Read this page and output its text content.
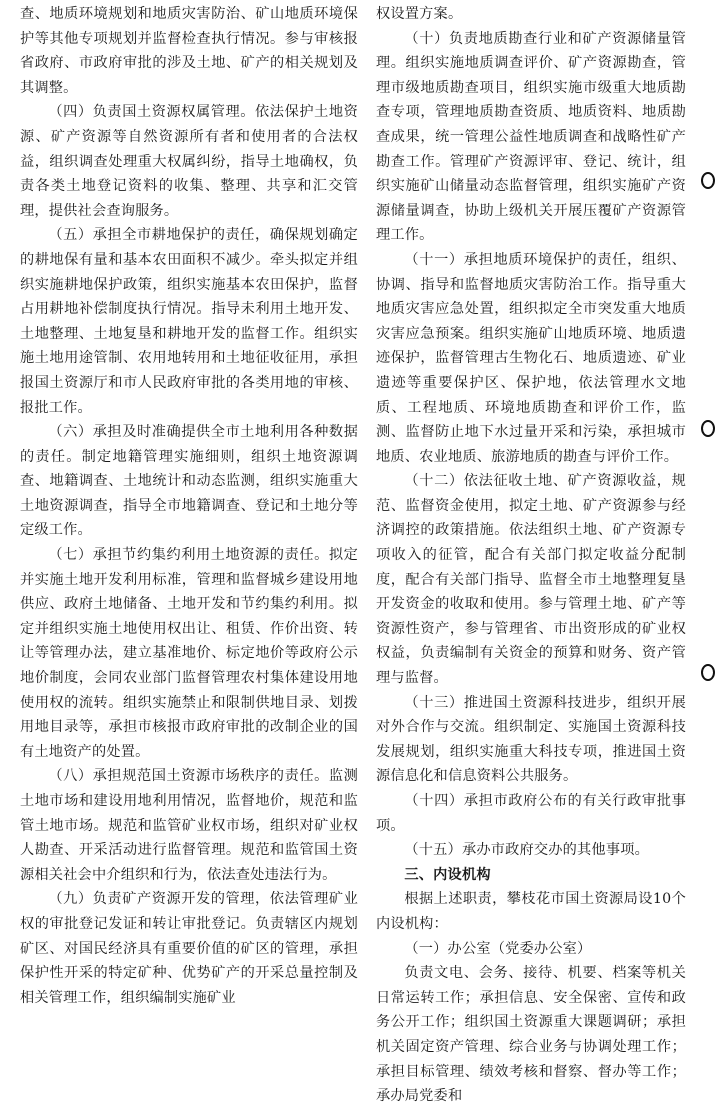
查、地质环境规划和地质灾害防治、矿山地质环境保护等其他专项规划并监督检查执行情况。参与审核报省政府、市政府审批的涉及土地、矿产的相关规划及其调整。

（四）负责国土资源权属管理。依法保护土地资源、矿产资源等自然资源所有者和使用者的合法权益，组织调查处理重大权属纠纷，指导土地确权，负责各类土地登记资料的收集、整理、共享和汇交管理，提供社会查询服务。

（五）承担全市耕地保护的责任，确保规划确定的耕地保有量和基本农田面积不减少。牵头拟定并组织实施耕地保护政策，组织实施基本农田保护，监督占用耕地补偿制度执行情况。指导未利用土地开发、土地整理、土地复垦和耕地开发的监督工作。组织实施土地用途管制、农用地转用和土地征收征用，承担报国土资源厅和市人民政府审批的各类用地的审核、报批工作。

（六）承担及时准确提供全市土地利用各种数据的责任。制定地籍管理实施细则，组织土地资源调查、地籍调查、土地统计和动态监测，组织实施重大土地资源调查，指导全市地籍调查、登记和土地分等定级工作。

（七）承担节约集约利用土地资源的责任。拟定并实施土地开发利用标准，管理和监督城乡建设用地供应、政府土地储备、土地开发和节约集约利用。拟定并组织实施土地使用权出让、租赁、作价出资、转让等管理办法，建立基准地价、标定地价等政府公示地价制度，会同农业部门监督管理农村集体建设用地使用权的流转。组织实施禁止和限制供地目录、划拨用地目录等，承担市核报市政府审批的改制企业的国有土地资产的处置。

（八）承担规范国土资源市场秩序的责任。监测土地市场和建设用地利用情况，监督地价，规范和监管土地市场。规范和监管矿业权市场，组织对矿业权人勘查、开采活动进行监督管理。规范和监管国土资源相关社会中介组织和行为，依法查处违法行为。

（九）负责矿产资源开发的管理，依法管理矿业权的审批登记发证和转让审批登记。负责辖区内规划矿区、对国民经济具有重要价值的矿区的管理，承担保护性开采的特定矿种、优势矿产的开采总量控制及相关管理工作，组织编制实施矿业

权设置方案。

（十）负责地质勘查行业和矿产资源储量管理。组织实施地质调查评价、矿产资源勘查，管理市级地质勘查项目，组织实施市级重大地质勘查专项，管理地质勘查资质、地质资料、地质勘查成果，统一管理公益性地质调查和战略性矿产勘查工作。管理矿产资源评审、登记、统计，组织实施矿山储量动态监督管理，组织实施矿产资源储量调查，协助上级机关开展压覆矿产资源管理工作。

（十一）承担地质环境保护的责任，组织、协调、指导和监督地质灾害防治工作。指导重大地质灾害应急处置，组织拟定全市突发重大地质灾害应急预案。组织实施矿山地质环境、地质遗迹保护，监督管理古生物化石、地质遗迹、矿业遗迹等重要保护区、保护地，依法管理水文地质、工程地质、环境地质勘查和评价工作，监测、监督防止地下水过量开采和污染，承担城市地质、农业地质、旅游地质的勘查与评价工作。

（十二）依法征收土地、矿产资源收益，规范、监督资金使用，拟定土地、矿产资源参与经济调控的政策措施。依法组织土地、矿产资源专项收入的征管，配合有关部门拟定收益分配制度，配合有关部门指导、监督全市土地整理复垦开发资金的收取和使用。参与管理土地、矿产等资源性资产，参与管理省、市出资形成的矿业权权益，负责编制有关资金的预算和财务、资产管理与监督。

（十三）推进国土资源科技进步，组织开展对外合作与交流。组织制定、实施国土资源科技发展规划，组织实施重大科技专项，推进国土资源信息化和信息资料公共服务。

（十四）承担市政府公布的有关行政审批事项。

（十五）承办市政府交办的其他事项。

三、内设机构

根据上述职责，攀枝花市国土资源局设10个内设机构：

（一）办公室（党委办公室）

负责文电、会务、接待、机要、档案等机关日常运转工作；承担信息、安全保密、宣传和政务公开工作；组织国土资源重大课题调研；承担机关固定资产管理、综合业务与协调处理工作；承担目标管理、绩效考核和督察、督办等工作；承办局党委和
